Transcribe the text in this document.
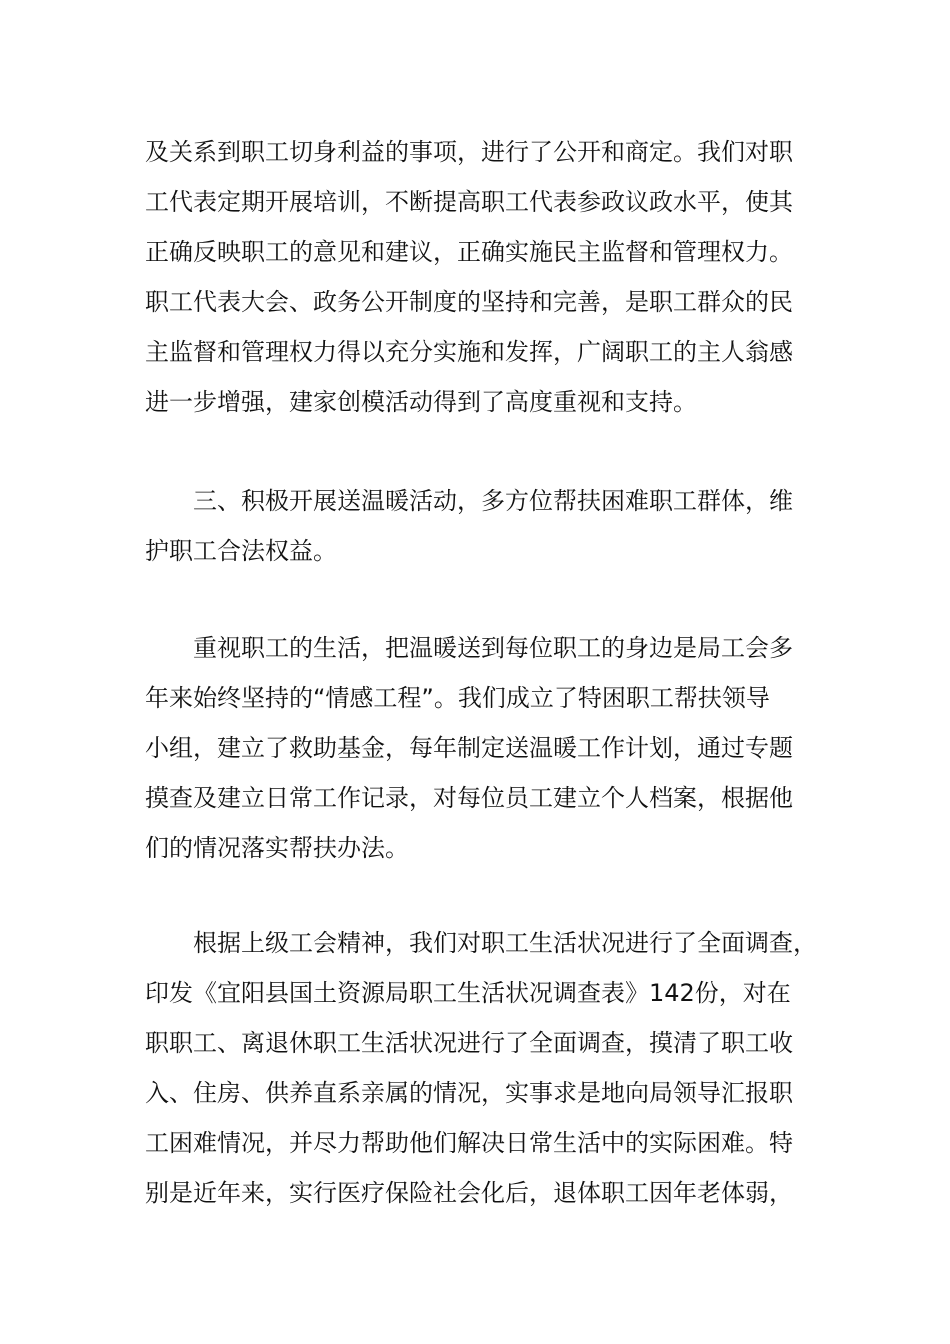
及关系到职工切身利益的事项，进行了公开和商定。我们对职
工代表定期开展培训，不断提高职工代表参政议政水平，使其
正确反映职工的意见和建议，正确实施民主监督和管理权力。
职工代表大会、政务公开制度的坚持和完善，是职工群众的民
主监督和管理权力得以充分实施和发挥，广阔职工的主人翁感
进一步增强，建家创模活动得到了高度重视和支持。
三、积极开展送温暖活动，多方位帮扶困难职工群体，维
护职工合法权益。
重视职工的生活，把温暖送到每位职工的身边是局工会多
年来始终坚持的“情感工程”。我们成立了特困职工帮扶领导
小组，建立了救助基金，每年制定送温暖工作计划，通过专题
摸查及建立日常工作记录，对每位员工建立个人档案，根据他
们的情况落实帮扶办法。
根据上级工会精神，我们对职工生活状况进行了全面调查，
印发《宜阳县国土资源局职工生活状况调查表》142份，对在
职职工、离退休职工生活状况进行了全面调查，摸清了职工收
入、住房、供养直系亲属的情况，实事求是地向局领导汇报职
工困难情况，并尽力帮助他们解决日常生活中的实际困难。特
别是近年来，实行医疗保险社会化后，退体职工因年老体弱，
